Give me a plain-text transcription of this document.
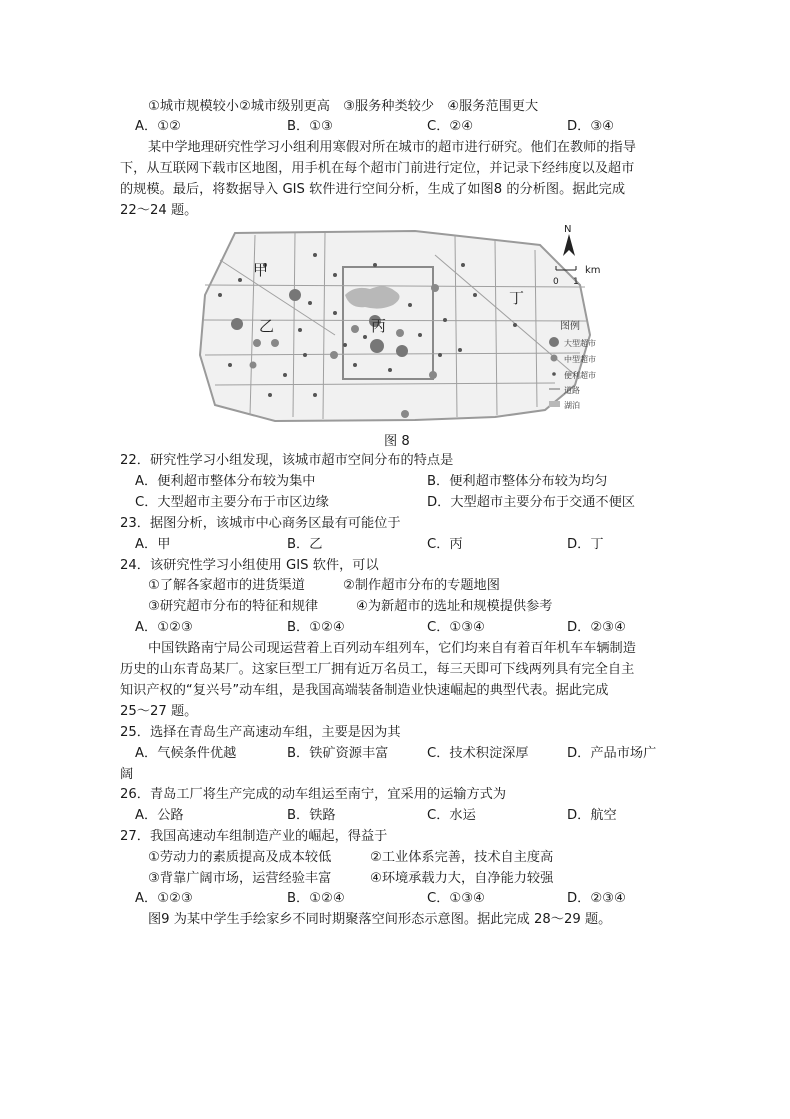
①城市规模较小②城市级别更高　③服务种类较少　④服务范围更大
A．①②	B．①③	C．②④	D．③④
某中学地理研究性学习小组利用寒假对所在城市的超市进行研究。他们在教师的指导
下，从互联网下载市区地图，用手机在每个超市门前进行定位，并记录下经纬度以及超市
的规模。最后，将数据导入 GIS 软件进行空间分析，生成了如图8 的分析图。据此完成
22～24 题。
甲
乙	丙
丁
N
km
0 1
图例
大型超市
中型超市
便利超市
道路
湖泊
图 8
22．研究性学习小组发现，该城市超市空间分布的特点是
A．便利超市整体分布较为集中	B．便利超市整体分布较为均匀
C．大型超市主要分布于市区边缘	D．大型超市主要分布于交通不便区
23．据图分析，该城市中心商务区最有可能位于
A．甲	B．乙	C．丙	D．丁
24．该研究性学习小组使用 GIS 软件，可以
①了解各家超市的进货渠道	②制作超市分布的专题地图
③研究超市分布的特征和规律	④为新超市的选址和规模提供参考
A．①②③	B．①②④	C．①③④	D．②③④
中国铁路南宁局公司现运营着上百列动车组列车，它们均来自有着百年机车车辆制造
历史的山东青岛某厂。这家巨型工厂拥有近万名员工，每三天即可下线两列具有完全自主
知识产权的“复兴号”动车组，是我国高端装备制造业快速崛起的典型代表。据此完成
25～27 题。
25．选择在青岛生产高速动车组，主要是因为其
A．气候条件优越	B．铁矿资源丰富	C．技术积淀深厚	D．产品市场广
阔
26．青岛工厂将生产完成的动车组运至南宁，宜采用的运输方式为
A．公路	B．铁路	C．水运	D．航空
27．我国高速动车组制造产业的崛起，得益于
①劳动力的素质提高及成本较低	②工业体系完善，技术自主度高
③背靠广阔市场，运营经验丰富	④环境承载力大，自净能力较强
A．①②③	B．①②④	C．①③④	D．②③④
图9 为某中学生手绘家乡不同时期聚落空间形态示意图。据此完成 28～29 题。
